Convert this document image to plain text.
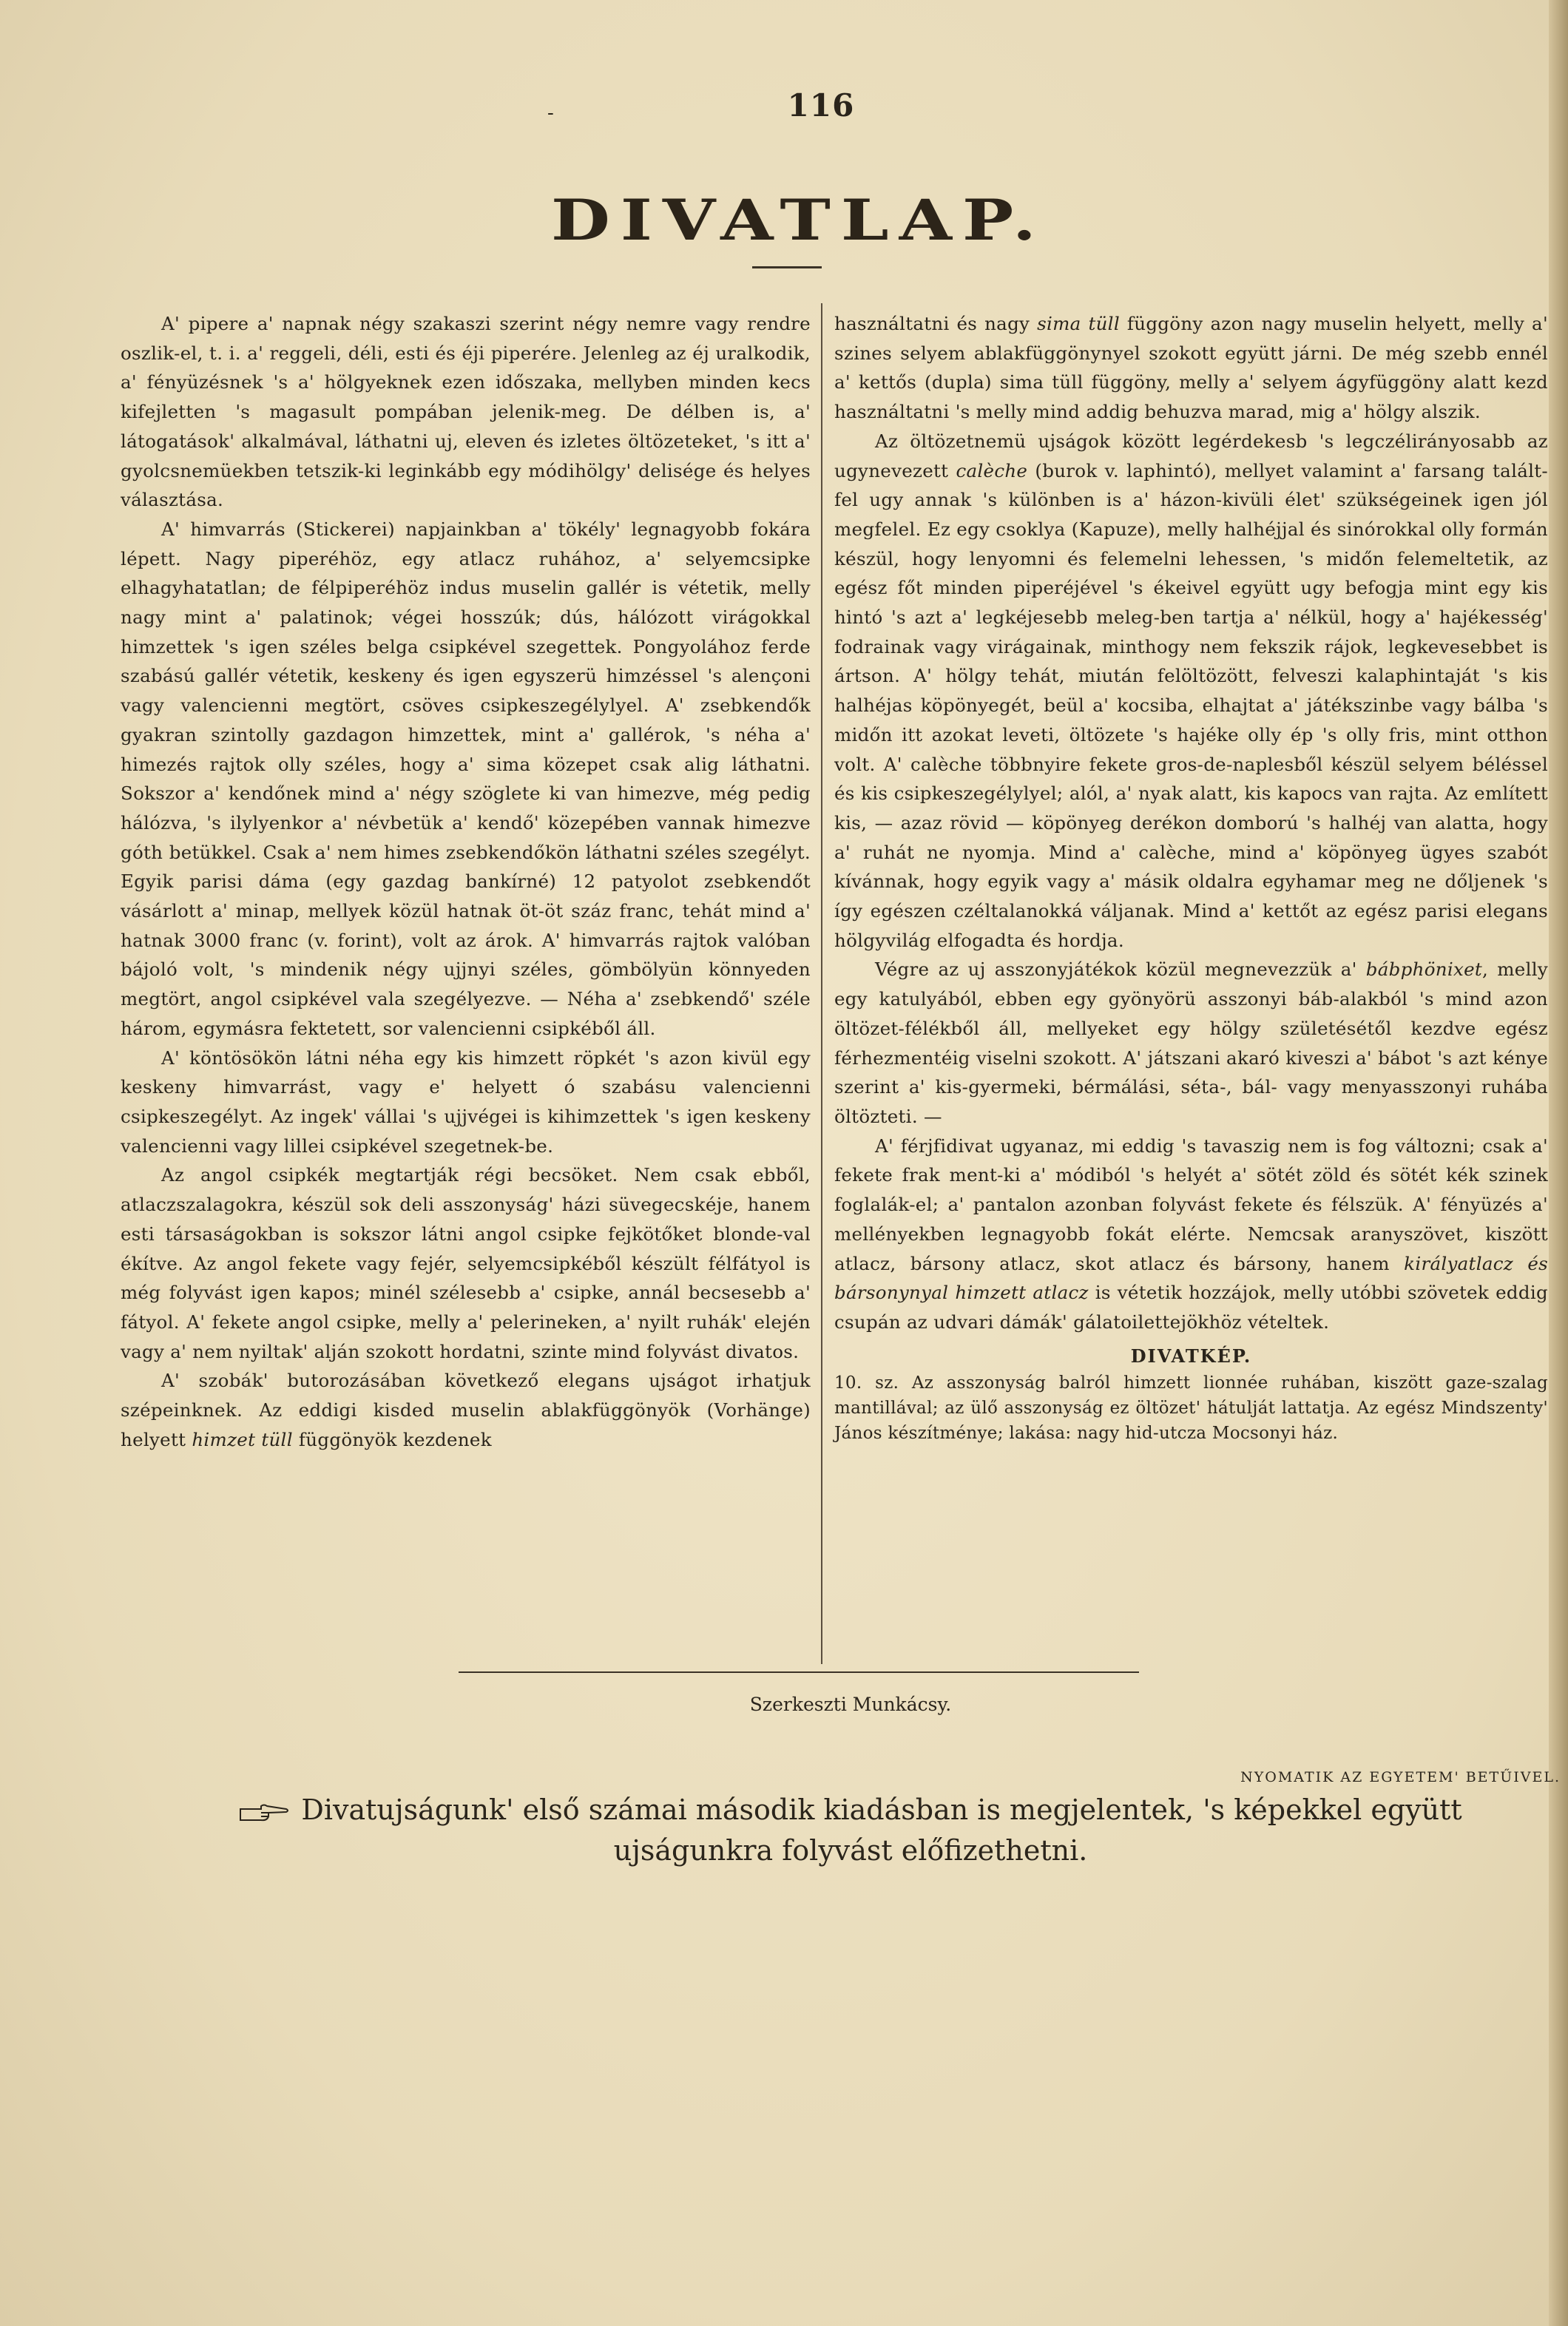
-	116
DIVATLAP.

A' pipere a' napnak négy szakaszi szerint négy nemre vagy rendre oszlik-el, t. i. a' reggeli, déli, esti és éji piperére. Jelenleg az éj uralkodik, a' fényüzésnek 's a' hölgyeknek ezen időszaka, mellyben minden kecs kifejletten 's magasult pompában jelenik-meg. De délben is, a' látogatások' alkalmával, láthatni uj, eleven és izletes öltözeteket, 's itt a' gyolcsnemüekben tetszik-ki leginkább egy módihölgy' delisége és helyes választása.

A' himvarrás (Stickerei) napjainkban a' tökély' legnagyobb fokára lépett. Nagy piperéhöz, egy atlacz ruhához, a' selyemcsipke elhagyhatatlan; de félpiperéhöz indus muselin gallér is vétetik, melly nagy mint a' palatinok; végei hosszúk; dús, hálózott virágokkal himzettek 's igen széles belga csipkével szegettek. Pongyolához ferde szabású gallér vétetik, keskeny és igen egyszerü himzéssel 's alençoni vagy valencienni megtört, csöves csipkeszegélylyel. A' zsebkendők gyakran szintolly gazdagon himzettek, mint a' gallérok, 's néha a' himezés rajtok olly széles, hogy a' sima közepet csak alig láthatni. Sokszor a' kendőnek mind a' négy szöglete ki van himezve, még pedig hálózva, 's ilylyenkor a' névbetük a' kendő' közepében vannak himezve góth betükkel. Csak a' nem himes zsebkendőkön láthatni széles szegélyt. Egyik parisi dáma (egy gazdag bankírné) 12 patyolot zsebkendőt vásárlott a' minap, mellyek közül hatnak öt-öt száz franc, tehát mind a' hatnak 3000 franc (v. forint), volt az árok. A' himvarrás rajtok valóban bájoló volt, 's mindenik négy ujjnyi széles, gömbölyün könnyeden megtört, angol csipkével vala szegélyezve. — Néha a' zsebkendő' széle három, egymásra fektetett, sor valencienni csipkéből áll.

A' köntösökön látni néha egy kis himzett röpkét 's azon kivül egy keskeny himvarrást, vagy e' helyett ó szabásu valencienni csipkeszegélyt. Az ingek' vállai 's ujjvégei is kihimzettek 's igen keskeny valencienni vagy lillei csipkével szegetnek-be.

Az angol csipkék megtartják régi becsöket. Nem csak ebből, atlaczszalagokra, készül sok deli asszonyság' házi süvegecskéje, hanem esti társaságokban is sokszor látni angol csipke fejkötőket blonde-val ékítve. Az angol fekete vagy fejér, selyemcsipkéből készült félfátyol is még folyvást igen kapos; minél szélesebb a' csipke, annál becsesebb a' fátyol. A' fekete angol csipke, melly a' pelerineken, a' nyilt ruhák' elején vagy a' nem nyiltak' alján szokott hordatni, szinte mind folyvást divatos.

A' szobák' butorozásában következő elegans ujságot irhatjuk szépeinknek. Az eddigi kisded muselin ablakfüggönyök (Vorhänge) helyett himzet tüll függönyök kezdenek

használtatni és nagy sima tüll függöny azon nagy muselin helyett, melly a' szines selyem ablakfüggönynyel szokott együtt járni. De még szebb ennél a' kettős (dupla) sima tüll függöny, melly a' selyem ágyfüggöny alatt kezd használtatni 's melly mind addig behuzva marad, mig a' hölgy alszik.

Az öltözetnemü ujságok között legérdekesb 's legczélirányosabb az ugynevezett calèche (burok v. laphintó), mellyet valamint a' farsang talált-fel ugy annak 's különben is a' házon-kivüli élet' szükségeinek igen jól megfelel. Ez egy csoklya (Kapuze), melly halhéjjal és sinórokkal olly formán készül, hogy lenyomni és felemelni lehessen, 's midőn felemeltetik, az egész főt minden piperéjével 's ékeivel együtt ugy befogja mint egy kis hintó 's azt a' legkéjesebb meleg-ben tartja a' nélkül, hogy a' hajékesség' fodrainak vagy virágainak, minthogy nem fekszik rájok, legkevesebbet is ártson. A' hölgy tehát, miután felöltözött, felveszi kalaphintaját 's kis halhéjas köpönyegét, beül a' kocsiba, elhajtat a' játékszinbe vagy bálba 's midőn itt azokat leveti, öltözete 's hajéke olly ép 's olly fris, mint otthon volt. A' calèche többnyire fekete gros-de-naplesből készül selyem béléssel és kis csipkeszegélylyel; alól, a' nyak alatt, kis kapocs van rajta. Az említett kis, — azaz rövid — köpönyeg derékon domború 's halhéj van alatta, hogy a' ruhát ne nyomja. Mind a' calèche, mind a' köpönyeg ügyes szabót kívánnak, hogy egyik vagy a' másik oldalra egyhamar meg ne dőljenek 's így egészen czéltalanokká váljanak. Mind a' kettőt az egész parisi elegans hölgyvilág elfogadta és hordja.

Végre az uj asszonyjátékok közül megnevezzük a' bábphönixet, melly egy katulyából, ebben egy gyönyörü asszonyi báb-alakból 's mind azon öltözet-félékből áll, mellyeket egy hölgy születésétől kezdve egész férhezmentéig viselni szokott. A' játszani akaró kiveszi a' bábot 's azt kénye szerint a' kis-gyermeki, bérmálási, séta-, bál- vagy menyasszonyi ruhába öltözteti. —

A' férjfidivat ugyanaz, mi eddig 's tavaszig nem is fog változni; csak a' fekete frak ment-ki a' módiból 's helyét a' sötét zöld és sötét kék szinek foglalák-el; a' pantalon azonban folyvást fekete és félszük. A' fényüzés a' mellényekben legnagyobb fokát elérte. Nemcsak aranyszövet, kiszött atlacz, bársony atlacz, skot atlacz és bársony, hanem királyatlacz és bársonynyal himzett atlacz is vétetik hozzájok, melly utóbbi szövetek eddig csupán az udvari dámák' gálatoilettejökhöz vételtek.

DIVATKÉP.

10. sz. Az asszonyság balról himzett lionnée ruhában, kiszött gaze-szalag mantillával; az ülő asszonyság ez öltözet' hátulját lattatja. Az egész Mindszenty' János készítménye; lakása: nagy hid-utcza Mocsonyi ház.

Szerkeszti Munkácsy.
NYOMATIK AZ EGYETEM' BETŰIVEL.
Divatujságunk' első számai második kiadásban is megjelentek, 's képekkel együtt
ujságunkra folyvást előfizethetni.
